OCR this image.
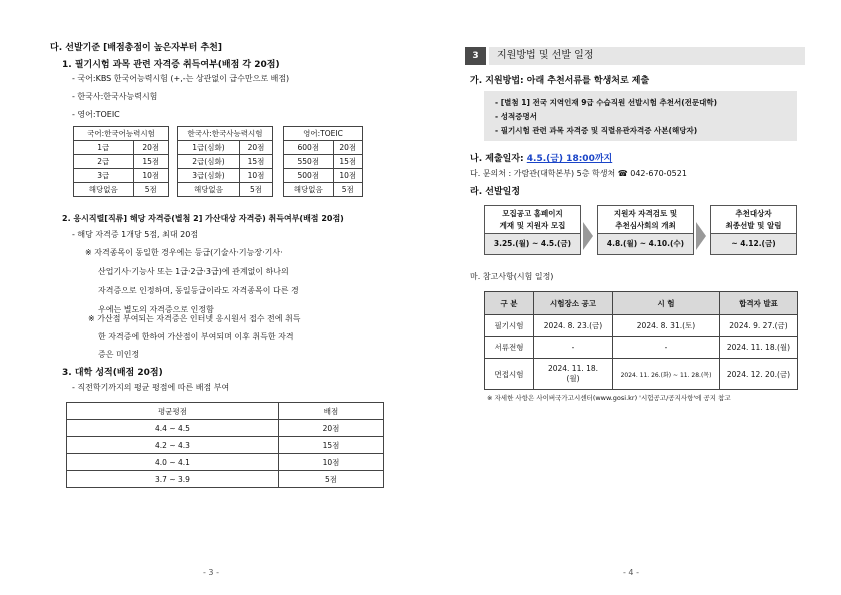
다. 선발기준 [배점총점이 높은자부터 추천]
1. 필기시험 과목 관련 자격증 취득여부(배점 각 20점)
- 국어:KBS 한국어능력시험 (+,-는 상관없이 급수만으로 배점)
- 한국사:한국사능력시험
- 영어:TOEIC
국어:한국어능력시험	
1급	20점
2급	15점
3급	10점
해당없음	5점
한국사:한국사능력시험	
1급(심화)	20점
2급(심화)	15점
3급(심화)	10점
해당없음	5점
영어:TOEIC	
600점	20점
550점	15점
500점	10점
해당없음	5점
2. 응시직렬[직류] 해당 자격증(별첨 2] 가산대상 자격증) 취득여부(배점 20점)
- 해당 자격증 1개당 5점, 최대 20점
※ 자격종목이 동일한 경우에는 등급(기술사·기능장·기사·
산업기사·기능사 또는 1급·2급·3급)에 관계없이 하나의
자격증으로 인정하며, 동일등급이라도 자격종목이 다른 경
우에는 별도의 자격증으로 인정함
※ 가산점 부여되는 자격증은 인터넷 응시원서 접수 전에 취득
한 자격증에 한하여 가산점이 부여되며 이후 취득한 자격
증은 미인정
3. 대학 성적(배점 20점)
- 직전학기까지의 평균 평점에 따른 배점 부여
평균평점	배점
4.4 ~ 4.5	20점
4.2 ~ 4.3	15점
4.0 ~ 4.1	10점
3.7 ~ 3.9	5점
- 3 -
3	지원방법 및 선발 일정
가. 지원방법: 아래 추천서류를 학생처로 제출
- [별첨 1] 전국 지역인재 9급 수습직원 선발시험 추천서(전문대학)
- 성적증명서
- 필기시험 관련 과목 자격증 및 직렬유관자격증 사본(해당자)
나. 제출일자: 4.5.(금) 18:00까지
다. 문의처 : 가람관(대학본부) 5층 학생처 ☎ 042-670-0521
라. 선발일정
모집공고 홈페이지
게재 및 지원자 모집
3.25.(월) ~ 4.5.(금)
지원자 자격검토 및
추천심사회의 개최
4.8.(월) ~ 4.10.(수)
추천대상자
최종선발 및 알림
~ 4.12.(금)
마. 참고사항(시험 일정)
구 분	시험장소 공고	시 험	합격자 발표
필기시험	2024. 8. 23.(금)	2024. 8. 31.(토)	2024. 9. 27.(금)
서류전형	-	-	2024. 11. 18.(월)
면접시험	2024. 11. 18.(월)	2024. 11. 26.(화) ~ 11. 28.(목)	2024. 12. 20.(금)
※ 자세한 사항은 사이버국가고시센터(www.gosi.kr) '시험공고/공지사항'에 공지 참고
- 4 -
